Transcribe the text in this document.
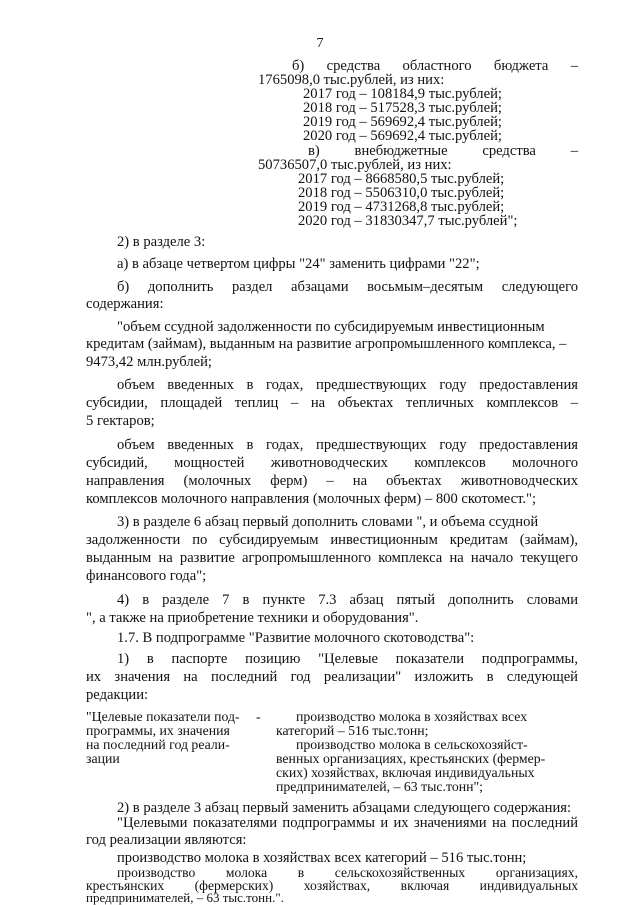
7
б) средства областного бюджета –
1765098,0 тыс.рублей, из них:
2017 год – 108184,9 тыс.рублей;
2018 год – 517528,3 тыс.рублей;
2019 год – 569692,4 тыс.рублей;
2020 год – 569692,4 тыс.рублей;
в) внебюджетные средства –
50736507,0 тыс.рублей, из них:
2017 год – 8668580,5 тыс.рублей;
2018 год – 5506310,0 тыс.рублей;
2019 год – 4731268,8 тыс.рублей;
2020 год – 31830347,7 тыс.рублей";
2) в разделе 3:
а) в абзаце четвертом цифры "24" заменить цифрами "22";
б) дополнить раздел абзацами восьмым–десятым следующего
содержания:
"объем ссудной задолженности по субсидируемым инвестиционным
кредитам (займам), выданным на развитие агропромышленного комплекса, –
9473,42 млн.рублей;
объем введенных в годах, предшествующих году предоставления
субсидии, площадей теплиц – на объектах тепличных комплексов –
5 гектаров;
объем введенных в годах, предшествующих году предоставления
субсидий, мощностей животноводческих комплексов молочного
направления (молочных ферм) – на объектах животноводческих
комплексов молочного направления (молочных ферм) – 800 скотомест.";
3) в разделе 6 абзац первый дополнить словами ", и объема ссудной
задолженности по субсидируемым инвестиционным кредитам (займам),
выданным на развитие агропромышленного комплекса на начало текущего
финансового года";
4) в разделе 7 в пункте 7.3 абзац пятый дополнить словами
", а также на приобретение техники и оборудования".
1.7. В подпрограмме "Развитие молочного скотоводства":
1) в паспорте позицию "Целевые показатели подпрограммы,
их значения на последний год реализации" изложить в следующей
редакции:
"Целевые показатели под-
программы, их значения
на последний год реали-
зации
-	производство молока в хозяйствах всех
категорий – 516 тыс.тонн;
производство молока в сельскохозяйст-
венных организациях, крестьянских (фермер-
ских) хозяйствах, включая индивидуальных
предпринимателей, – 63 тыс.тонн";
2) в разделе 3 абзац первый заменить абзацами следующего содержания:
"Целевыми показателями подпрограммы и их значениями на последний
год реализации являются:
производство молока в хозяйствах всех категорий – 516 тыс.тонн;
производство молока в сельскохозяйственных организациях,
крестьянских (фермерских) хозяйствах, включая индивидуальных
предпринимателей, – 63 тыс.тонн.".
